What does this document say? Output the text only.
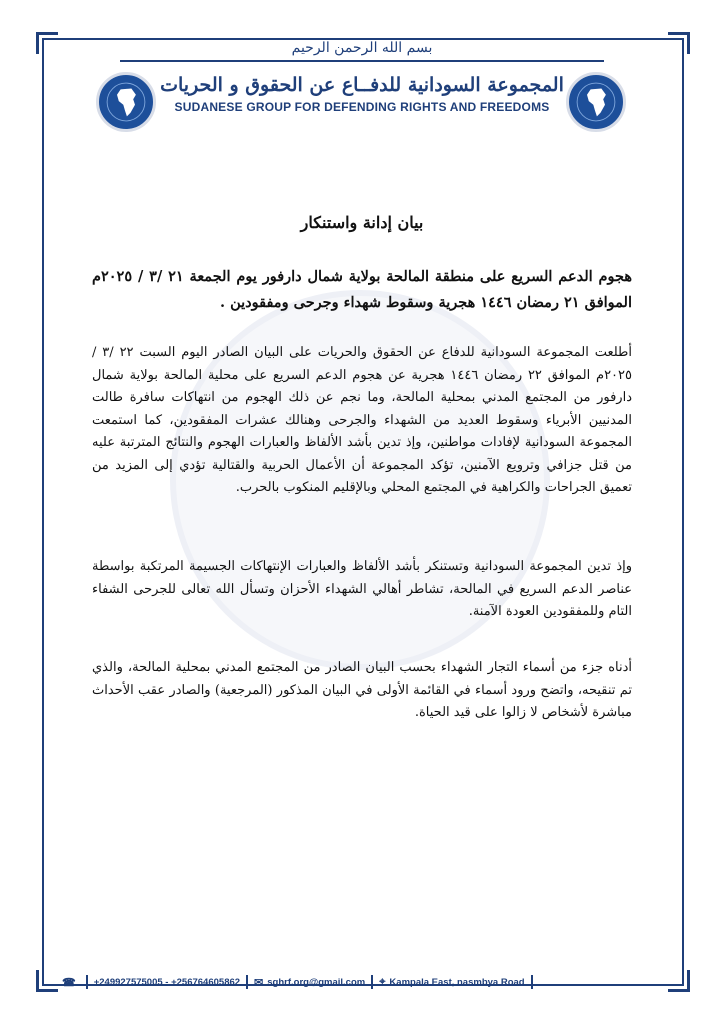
بسم الله الرحمن الرحيم
المجموعة السودانية للدفــاع عن الحقوق و الحريات
SUDANESE GROUP FOR DEFENDING RIGHTS AND FREEDOMS
بيان إدانة واستنكار
هجوم الدعم السريع على منطقة المالحة بولاية شمال دارفور يوم الجمعة ٢١ /٣ / ٢٠٢٥م الموافق ٢١ رمضان ١٤٤٦ هجرية وسقوط شهداء وجرحى ومفقودين .
أطلعت المجموعة السودانية للدفاع عن الحقوق والحريات على البيان الصادر اليوم السبت ٢٢ /٣ /٢٠٢٥م الموافق ٢٢ رمضان ١٤٤٦ هجرية عن هجوم الدعم السريع على محلية المالحة بولاية شمال دارفور من المجتمع المدني بمحلية المالحة، وما نجم عن ذلك الهجوم من انتهاكات سافرة طالت المدنيين الأبرياء وسقوط العديد من الشهداء والجرحى وهنالك عشرات المفقودين، كما استمعت المجموعة السودانية لإفادات مواطنين، وإذ تدين بأشد الألفاظ والعبارات الهجوم والنتائج المترتبة عليه من قتل جزافي وترويع الآمنين، تؤكد المجموعة أن الأعمال الحربية والقتالية تؤدي إلى المزيد من تعميق الجراحات والكراهية في المجتمع المحلي وبالإقليم المنكوب بالحرب.
وإذ تدين المجموعة السودانية وتستنكر بأشد الألفاظ والعبارات الإنتهاكات الجسيمة المرتكبة بواسطة عناصر الدعم السريع في المالحة، تشاطر أهالي الشهداء الأحزان وتسأل الله تعالى للجرحى الشفاء التام وللمفقودين العودة الآمنة.
أدناه جزء من أسماء التجار الشهداء بحسب البيان الصادر من المجتمع المدني بمحلية المالحة، والذي تم تنقيحه، واتضح ورود أسماء في القائمة الأولى في البيان المذكور (المرجعية) والصادر عقب الأحداث مباشرة لأشخاص لا زالوا على قيد الحياة.
☎ +249927575005 - +256764605862 ✉ sghrf.org@gmail.com ⌖ Kampala East, nasmbya Road
